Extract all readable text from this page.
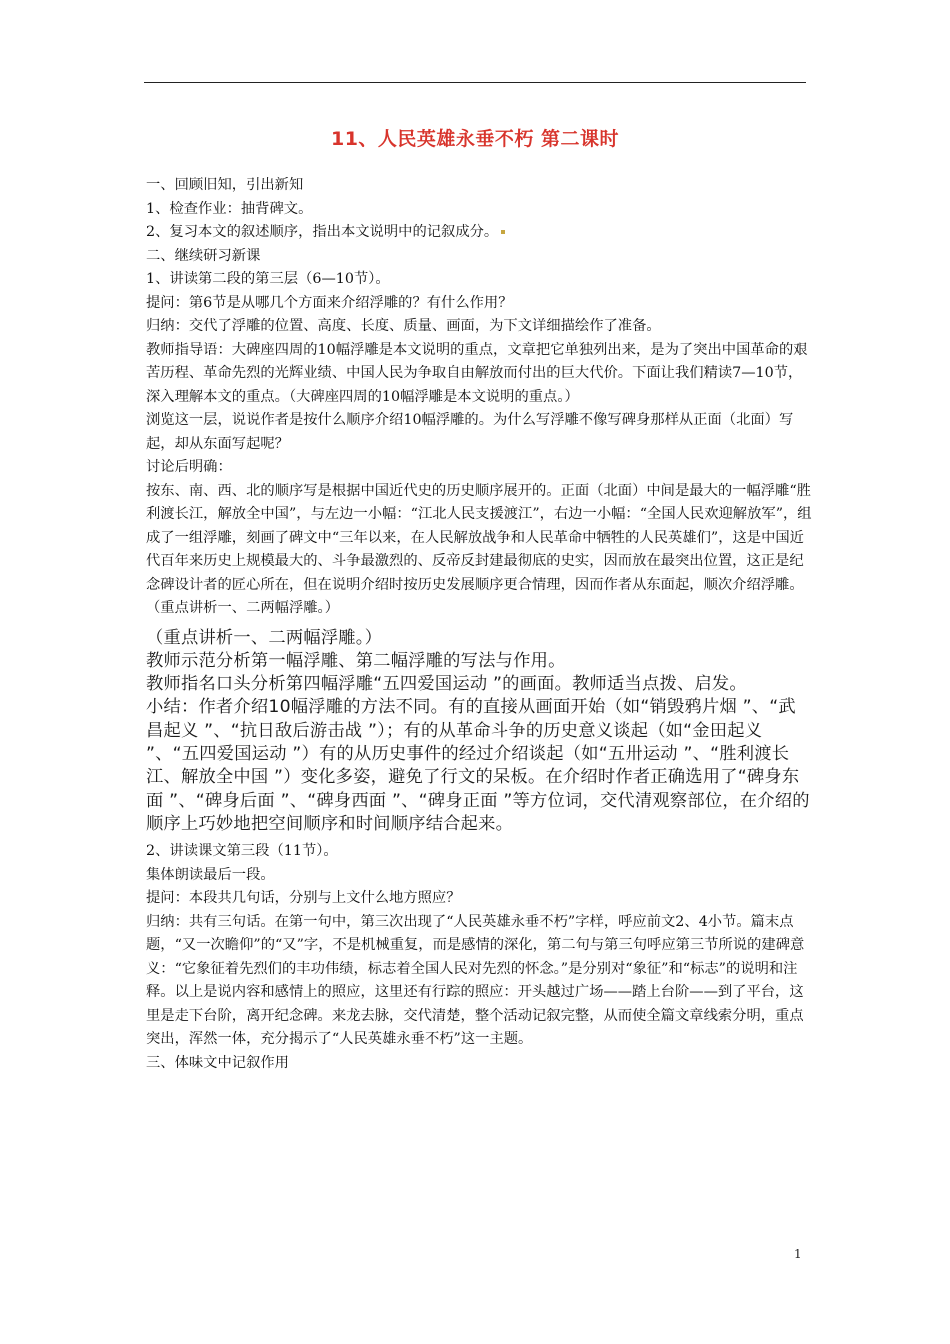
11、人民英雄永垂不朽 第二课时

一、回顾旧知，引出新知

1、检查作业：抽背碑文。

2、复习本文的叙述顺序，指出本文说明中的记叙成分。

二、继续研习新课

1、讲读第二段的第三层（6—10节）。

提问：第6节是从哪几个方面来介绍浮雕的？有什么作用？

归纳：交代了浮雕的位置、高度、长度、质量、画面，为下文详细描绘作了准备。

教师指导语：大碑座四周的10幅浮雕是本文说明的重点，文章把它单独列出来，是为了突出中国革命的艰苦历程、革命先烈的光辉业绩、中国人民为争取自由解放而付出的巨大代价。下面让我们精读7—10节，深入理解本文的重点。（大碑座四周的10幅浮雕是本文说明的重点。）

浏览这一层，说说作者是按什么顺序介绍10幅浮雕的。为什么写浮雕不像写碑身那样从正面（北面）写起，却从东面写起呢？

讨论后明确：

按东、南、西、北的顺序写是根据中国近代史的历史顺序展开的。正面（北面）中间是最大的一幅浮雕“胜利渡长江，解放全中国”，与左边一小幅：“江北人民支援渡江”，右边一小幅：“全国人民欢迎解放军”，组成了一组浮雕，刻画了碑文中“三年以来，在人民解放战争和人民革命中牺牲的人民英雄们”，这是中国近代百年来历史上规模最大的、斗争最激烈的、反帝反封建最彻底的史实，因而放在最突出位置，这正是纪念碑设计者的匠心所在，但在说明介绍时按历史发展顺序更合情理，因而作者从东面起，顺次介绍浮雕。

（重点讲析一、二两幅浮雕。）

（重点讲析一、二两幅浮雕。）

教师示范分析第一幅浮雕、第二幅浮雕的写法与作用。

教师指名口头分析第四幅浮雕“五四爱国运动 ”的画面。教师适当点拨、启发。

小结：作者介绍10幅浮雕的方法不同。有的直接从画面开始（如“销毁鸦片烟 ”、“武昌起义 ”、“抗日敌后游击战 ”）；有的从革命斗争的历史意义谈起（如“金田起义 ”、“五四爱国运动 ”）有的从历史事件的经过介绍谈起（如“五卅运动 ”、“胜利渡长江、解放全中国 ”）变化多姿，避免了行文的呆板。在介绍时作者正确选用了“碑身东面 ”、“碑身后面 ”、“碑身西面 ”、“碑身正面 ”等方位词，交代清观察部位，在介绍的顺序上巧妙地把空间顺序和时间顺序结合起来。

2、讲读课文第三段（11节）。

集体朗读最后一段。

提问：本段共几句话，分别与上文什么地方照应？

归纳：共有三句话。在第一句中，第三次出现了“人民英雄永垂不朽”字样，呼应前文2、4小节。篇末点题，“又一次瞻仰”的“又”字，不是机械重复，而是感情的深化，第二句与第三句呼应第三节所说的建碑意义：“它象征着先烈们的丰功伟绩，标志着全国人民对先烈的怀念。”是分别对“象征”和“标志”的说明和注释。以上是说内容和感情上的照应，这里还有行踪的照应：开头越过广场——踏上台阶——到了平台，这里是走下台阶，离开纪念碑。来龙去脉，交代清楚，整个活动记叙完整，从而使全篇文章线索分明，重点突出，浑然一体，充分揭示了“人民英雄永垂不朽”这一主题。

三、体味文中记叙作用

1
